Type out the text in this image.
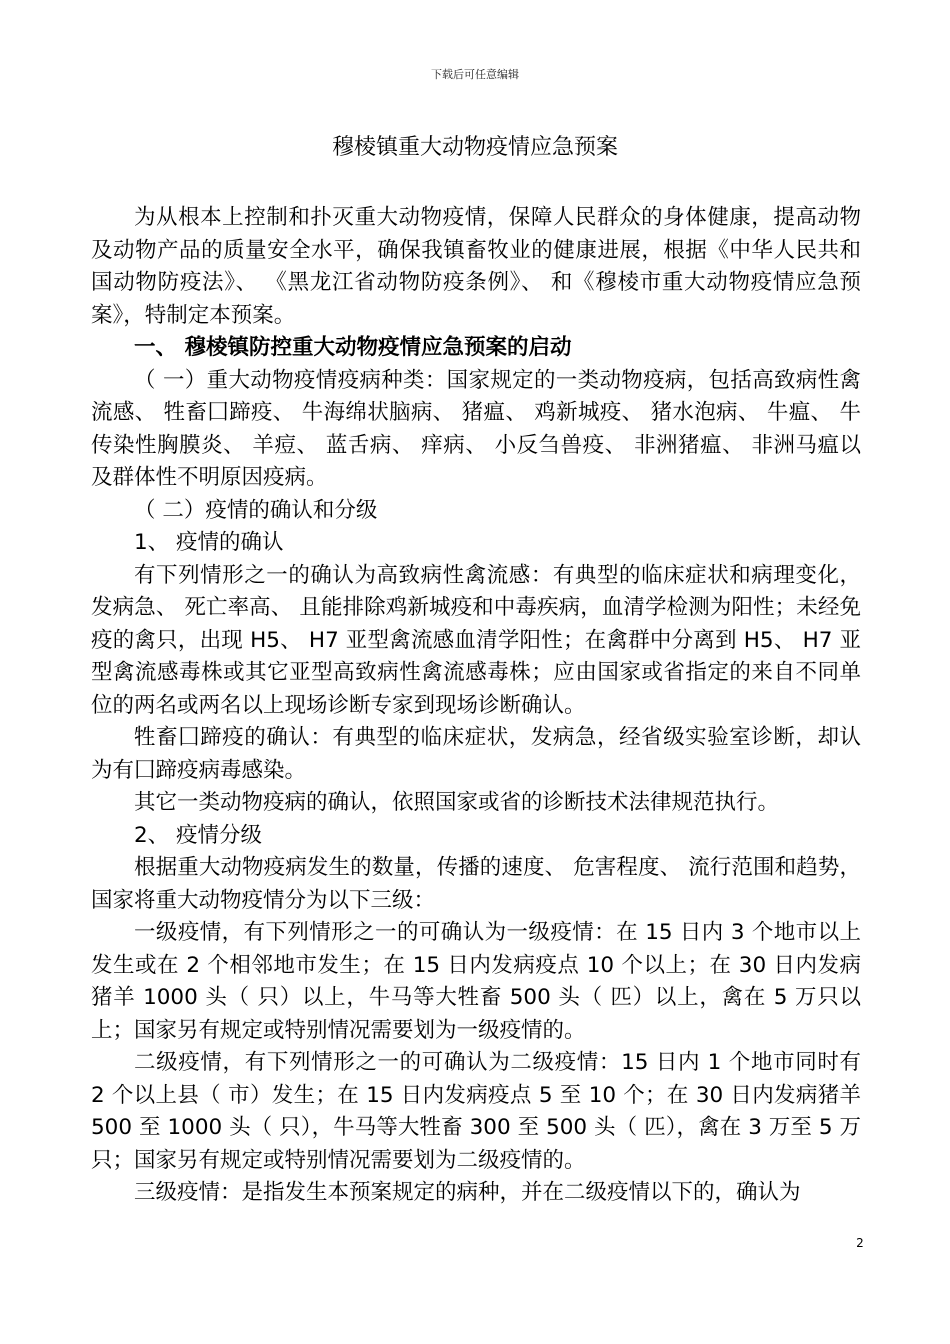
下载后可任意编辑
穆棱镇重大动物疫情应急预案

为从根本上控制和扑灭重大动物疫情，保障人民群众的身体健康，提高动物及动物产品的质量安全水平，确保我镇畜牧业的健康进展，根据《中华人民共和国动物防疫法》、 《黑龙江省动物防疫条例》、 和《穆棱市重大动物疫情应急预案》，特制定本预案。

一、 穆棱镇防控重大动物疫情应急预案的启动

（ 一）重大动物疫情疫病种类：国家规定的一类动物疫病，包括高致病性禽流感、 牲畜囗蹄疫、 牛海绵状脑病、 猪瘟、 鸡新城疫、 猪水泡病、 牛瘟、 牛传染性胸膜炎、 羊痘、 蓝舌病、 痒病、 小反刍兽疫、 非洲猪瘟、 非洲马瘟以及群体性不明原因疫病。

（ 二）疫情的确认和分级

1、 疫情的确认

有下列情形之一的确认为高致病性禽流感：有典型的临床症状和病理变化，发病急、 死亡率高、 且能排除鸡新城疫和中毒疾病，血清学检测为阳性；未经免疫的禽只，出现 H5、 H7 亚型禽流感血清学阳性；在禽群中分离到 H5、 H7 亚型禽流感毒株或其它亚型高致病性禽流感毒株；应由国家或省指定的来自不同单位的两名或两名以上现场诊断专家到现场诊断确认。

牲畜囗蹄疫的确认：有典型的临床症状，发病急，经省级实验室诊断，却认为有囗蹄疫病毒感染。

其它一类动物疫病的确认，依照国家或省的诊断技术法律规范执行。

2、 疫情分级

根据重大动物疫病发生的数量，传播的速度、 危害程度、 流行范围和趋势，国家将重大动物疫情分为以下三级：

一级疫情，有下列情形之一的可确认为一级疫情：在 15 日内 3 个地市以上发生或在 2 个相邻地市发生；在 15 日内发病疫点 10 个以上；在 30 日内发病猪羊 1000 头（ 只）以上，牛马等大牲畜 500 头（ 匹）以上，禽在 5 万只以上；国家另有规定或特别情况需要划为一级疫情的。

二级疫情，有下列情形之一的可确认为二级疫情：15 日内 1 个地市同时有 2 个以上县（ 市）发生；在 15 日内发病疫点 5 至 10 个；在 30 日内发病猪羊 500 至 1000 头（ 只），牛马等大牲畜 300 至 500 头（ 匹），禽在 3 万至 5 万只；国家另有规定或特别情况需要划为二级疫情的。

三级疫情：是指发生本预案规定的病种，并在二级疫情以下的，确认为

2
